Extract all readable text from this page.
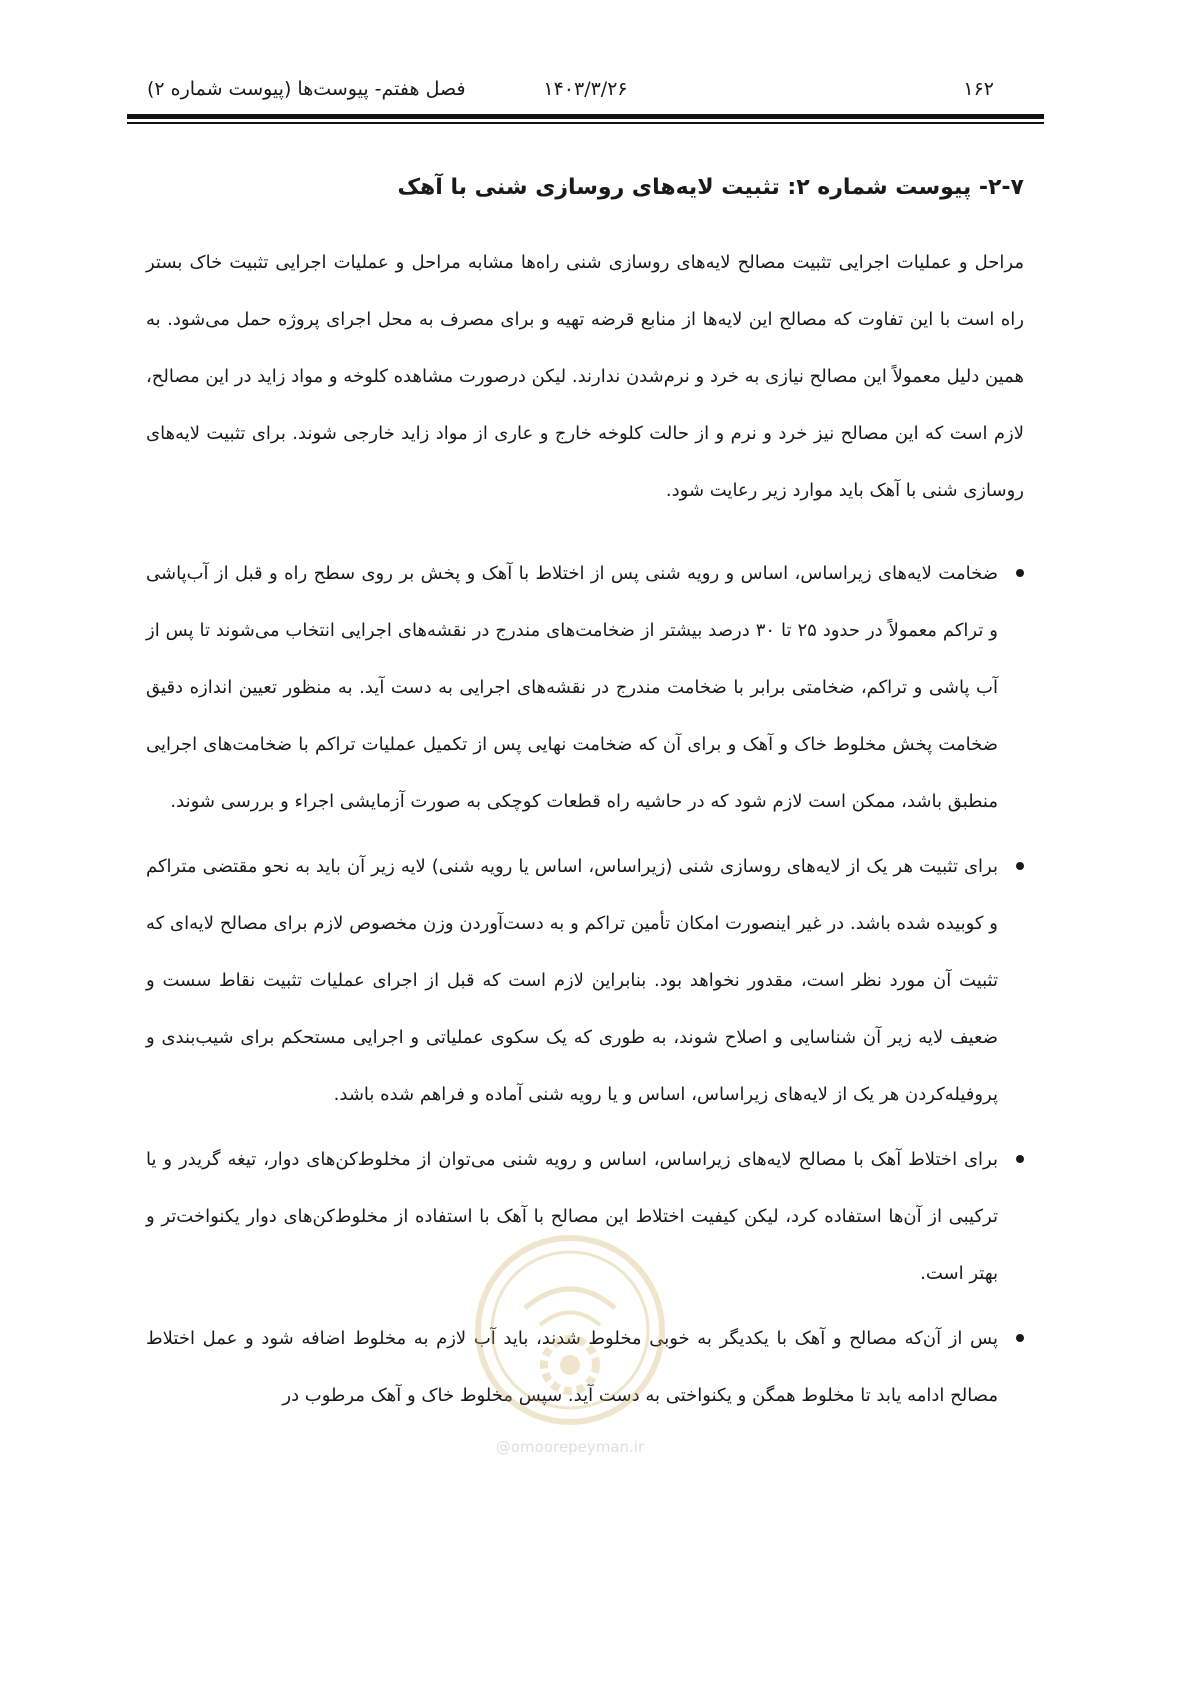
۱۶۲
۱۴۰۳/۳/۲۶
فصل هفتم- پیوست‌ها (پیوست شماره ۲)
۲-۷- پیوست شماره ۲: تثبیت لایه‌های روسازی شنی با آهک

مراحل و عملیات اجرایی تثبیت مصالح لایه‌های روسازی شنی راه‌ها مشابه مراحل و عملیات اجرایی تثبیت خاک بستر راه است با این تفاوت که مصالح این لایه‌ها از منابع قرضه تهیه و برای مصرف به محل اجرای پروژه حمل می‌شود. به همین دلیل معمولاً این مصالح نیازی به خرد و نرم‌شدن ندارند. لیکن درصورت مشاهده کلوخه و مواد زاید در این مصالح، لازم است که این مصالح نیز خرد و نرم و از حالت کلوخه خارج و عاری از مواد زاید خارجی شوند. برای تثبیت لایه‌های روسازی شنی با آهک باید موارد زیر رعایت شود.

ضخامت لایه‌های زیراساس، اساس و رویه شنی پس از اختلاط با آهک و پخش بر روی سطح راه و قبل از آب‌پاشی و تراکم معمولاً در حدود ۲۵ تا ۳۰ درصد بیشتر از ضخامت‌های مندرج در نقشه‌های اجرایی انتخاب می‌شوند تا پس از آب پاشی و تراکم، ضخامتی برابر با ضخامت مندرج در نقشه‌های اجرایی به دست آید. به منظور تعیین اندازه دقیق ضخامت پخش مخلوط خاک و آهک و برای آن که ضخامت نهایی پس از تکمیل عملیات تراکم با ضخامت‌های اجرایی منطبق باشد، ممکن است لازم شود که در حاشیه راه قطعات کوچکی به صورت آزمایشی اجراء و بررسی شوند.
برای تثبیت هر یک از لایه‌های روسازی شنی (زیراساس، اساس یا رویه شنی) لایه زیر آن باید به نحو مقتضی متراکم و کوبیده شده باشد. در غیر اینصورت امکان تأمین تراکم و به دست‌آوردن وزن مخصوص لازم برای مصالح لایه‌ای که تثبیت آن مورد نظر است، مقدور نخواهد بود. بنابراین لازم است که قبل از اجرای عملیات تثبیت نقاط سست و ضعیف لایه زیر آن شناسایی و اصلاح شوند، به طوری که یک سکوی عملیاتی و اجرایی مستحکم برای شیب‌بندی و پروفیله‌کردن هر یک از لایه‌های زیراساس، اساس و یا رویه شنی آماده و فراهم شده باشد.
برای اختلاط آهک با مصالح لایه‌های زیراساس، اساس و رویه شنی می‌توان از مخلوط‌کن‌های دوار، تیغه گریدر و یا ترکیبی از آن‌ها استفاده کرد، لیکن کیفیت اختلاط این مصالح با آهک با استفاده از مخلوط‌کن‌های دوار یکنواخت‌تر و بهتر است.
پس از آن‌که مصالح و آهک با یکدیگر به خوبی مخلوط شدند، باید آب لازم به مخلوط اضافه شود و عمل اختلاط مصالح ادامه یابد تا مخلوط همگن و یکنواختی به دست آید. سپس مخلوط خاک و آهک مرطوب در
@omoorepeyman.ir
